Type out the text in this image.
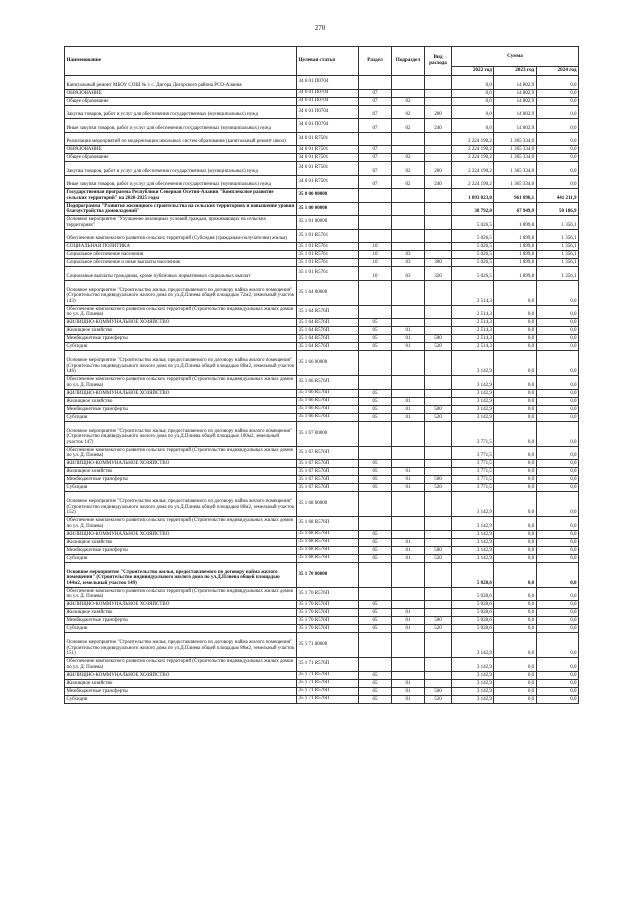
270
Наименование	Целевая статья	Раздел	Подраздел	Вид расхода	Сумма		
					2022 год	2023 год	2024 год
Капитальный ремонт МБОУ СОШ № 1 с. Дигора Дигорского района РСО-Алания	34 6 01 П0704				0,0	14 802,9	0,0
ОБРАЗОВАНИЕ	34 6 01 П0704	07			0,0	14 802,9	0,0
Общее образование	34 6 01 П0704	07	02		0,0	14 802,9	0,0
Закупка товаров, работ и услуг для обеспечения государственных (муниципальных) нужд	34 6 01 П0704	07	02	200	0,0	14 802,9	0,0
Иные закупки товаров, работ и услуг для обеспечения государственных (муниципальных) нужд	34 6 01 П0704	07	02	240	0,0	14 802,9	0,0
Реализация мероприятий по модернизации школьных систем образования (капитальный ремонт школ)	34 6 01 R7501				2 224 190,2	1 365 334,0	0,0
ОБРАЗОВАНИЕ	34 6 01 R7501	07			2 224 190,2	1 365 334,0	0,0
Общее образование	34 6 01 R7501	07	02		2 224 190,2	1 365 334,0	0,0
Закупка товаров, работ и услуг для обеспечения государственных (муниципальных) нужд	34 6 01 R7501	07	02	200	2 224 190,2	1 365 334,0	0,0
Иные закупки товаров, работ и услуг для обеспечения государственных (муниципальных) нужд	34 6 01 R7501	07	02	240	2 224 190,2	1 365 334,0	0,0
Государственная программа Республики Северная Осетия-Алания "Комплексное развитие сельских территорий" на 2020-2025 годы	35 0 00 00000				1 093 023,0	961 090,1	441 211,9
Подпрограмма "Развитие жилищного строительства на сельских территориях и повышение уровня благоустройства домовладений"	35 1 00 00000				38 792,0	67 949,9	50 186,9
Основное мероприятие "Улучшение жилищных условий граждан, проживающих на сельских территориях"	35 1 01 00000				5 026,5	1 899,8	1 356,1
Обеспечение комплексного развития сельских территорий (Субсидия (гражданам-получателям) жилья)	35 1 01 R5761				5 026,5	1 899,8	1 356,1
СОЦИАЛЬНАЯ ПОЛИТИКА	35 1 01 R5761	10			5 026,5	1 899,8	1 356,1
Социальное обеспечение населения	35 1 01 R5761	10	03		5 026,5	1 899,8	1 356,1
Социальное обеспечение и иные выплаты населению	35 1 01 R5761	10	03	300	5 026,5	1 899,8	1 356,1
Социальные выплаты гражданам, кроме публичных нормативных социальных выплат	35 1 01 R5761	10	03	320	5 026,5	1 899,8	1 356,1
Основное мероприятие "Строительство жилья, предоставляемого по договору найма жилого помещения" (Строительство индивидуального жилого дома по ул.Д.Плиева общей площадью 72м2, земельный участок 143)	35 1 64 00000				2 514,3	0,0	0,0
Обеспечение комплексного развития сельских территорий (Строительство индивидуальных жилых домов по ул. Д. Плиева)	35 1 64 R576П				2 514,3	0,0	0,0
ЖИЛИЩНО-КОММУНАЛЬНОЕ ХОЗЯЙСТВО	35 1 64 R576П	05			2 514,3	0,0	0,0
Жилищное хозяйство	35 1 64 R576П	05	01		2 514,3	0,0	0,0
Межбюджетные трансферты	35 1 64 R576П	05	01	500	2 514,3	0,0	0,0
Субсидии	35 1 64 R576П	05	01	520	2 514,3	0,0	0,0
Основное мероприятие "Строительство жилья, предоставляемого по договору найма жилого помещения" (Строительство индивидуального жилого дома по ул.Д.Плиева общей площадью 80м2, земельный участок 146)	35 1 66 00000				3 142,9	0,0	0,0
Обеспечение комплексного развития сельских территорий (Строительство индивидуальных жилых домов по ул. Д. Плиева)	35 1 66 R576П				3 142,9	0,0	0,0
ЖИЛИЩНО-КОММУНАЛЬНОЕ ХОЗЯЙСТВО	35 1 66 R576П	05			3 142,9	0,0	0,0
Жилищное хозяйство	35 1 66 R576П	05	01		3 142,9	0,0	0,0
Межбюджетные трансферты	35 1 66 R576П	05	01	500	3 142,9	0,0	0,0
Субсидии	35 1 66 R576П	05	01	520	3 142,9	0,0	0,0
Основное мероприятие "Строительство жилья, предоставляемого по договору найма жилого помещения" (Строительство индивидуального жилого дома по ул.Д.Плиева общей площадью 100м2, земельный участок 147)	35 1 67 00000				3 771,5	0,0	0,0
Обеспечение комплексного развития сельских территорий (Строительство индивидуальных жилых домов по ул. Д. Плиева)	35 1 67 R576П				3 771,5	0,0	0,0
ЖИЛИЩНО-КОММУНАЛЬНОЕ ХОЗЯЙСТВО	35 1 67 R576П	05			3 771,5	0,0	0,0
Жилищное хозяйство	35 1 67 R576П	05	01		3 771,5	0,0	0,0
Межбюджетные трансферты	35 1 67 R576П	05	01	500	3 771,5	0,0	0,0
Субсидии	35 1 67 R576П	05	01	520	3 771,5	0,0	0,0
Основное мероприятие "Строительство жилья, предоставляемого по договору найма жилого помещения" (Строительство индивидуального жилого дома по ул.Д.Плиева общей площадью 80м2, земельный участок 152)	35 1 68 00000				3 142,9	0,0	0,0
Обеспечение комплексного развития сельских территорий (Строительство индивидуальных жилых домов по ул. Д. Плиева)	35 1 68 R576П				3 142,9	0,0	0,0
ЖИЛИЩНО-КОММУНАЛЬНОЕ ХОЗЯЙСТВО	35 1 68 R576П	05			3 142,9	0,0	0,0
Жилищное хозяйство	35 1 68 R576П	05	01		3 142,9	0,0	0,0
Межбюджетные трансферты	35 1 68 R576П	05	01	500	3 142,9	0,0	0,0
Субсидии	35 1 68 R576П	05	01	520	3 142,9	0,0	0,0
Основное мероприятие "Строительство жилья, предоставляемого по договору найма жилого помещения" (Строительство индивидуального жилого дома по ул.Д.Плиева общей площадью 144м2, земельный участок 149)	35 1 70 00000				5 028,6	0,0	0,0
Обеспечение комплексного развития сельских территорий (Строительство индивидуальных жилых домов по ул. Д. Плиева)	35 1 70 R576П				5 028,6	0,0	0,0
ЖИЛИЩНО-КОММУНАЛЬНОЕ ХОЗЯЙСТВО	35 1 70 R576П	05			5 028,6	0,0	0,0
Жилищное хозяйство	35 1 70 R576П	05	01		5 028,6	0,0	0,0
Межбюджетные трансферты	35 1 70 R576П	05	01	500	5 028,6	0,0	0,0
Субсидии	35 1 70 R576П	05	01	520	5 028,6	0,0	0,0
Основное мероприятие "Строительство жилья, предоставляемого по договору найма жилого помещения" (Строительство индивидуального жилого дома по ул.Д.Плиева общей площадью 80м2, земельный участок 151)	35 1 71 00000				3 142,9	0,0	0,0
Обеспечение комплексного развития сельских территорий (Строительство индивидуальных жилых домов по ул. Д. Плиева)	35 1 71 R576П				3 142,9	0,0	0,0
ЖИЛИЩНО-КОММУНАЛЬНОЕ ХОЗЯЙСТВО	35 1 71 R576П	05			3 142,9	0,0	0,0
Жилищное хозяйство	35 1 71 R576П	05	01		3 142,9	0,0	0,0
Межбюджетные трансферты	35 1 71 R576П	05	01	500	3 142,9	0,0	0,0
Субсидии	35 1 71 R576П	05	01	520	3 142,9	0,0	0,0
